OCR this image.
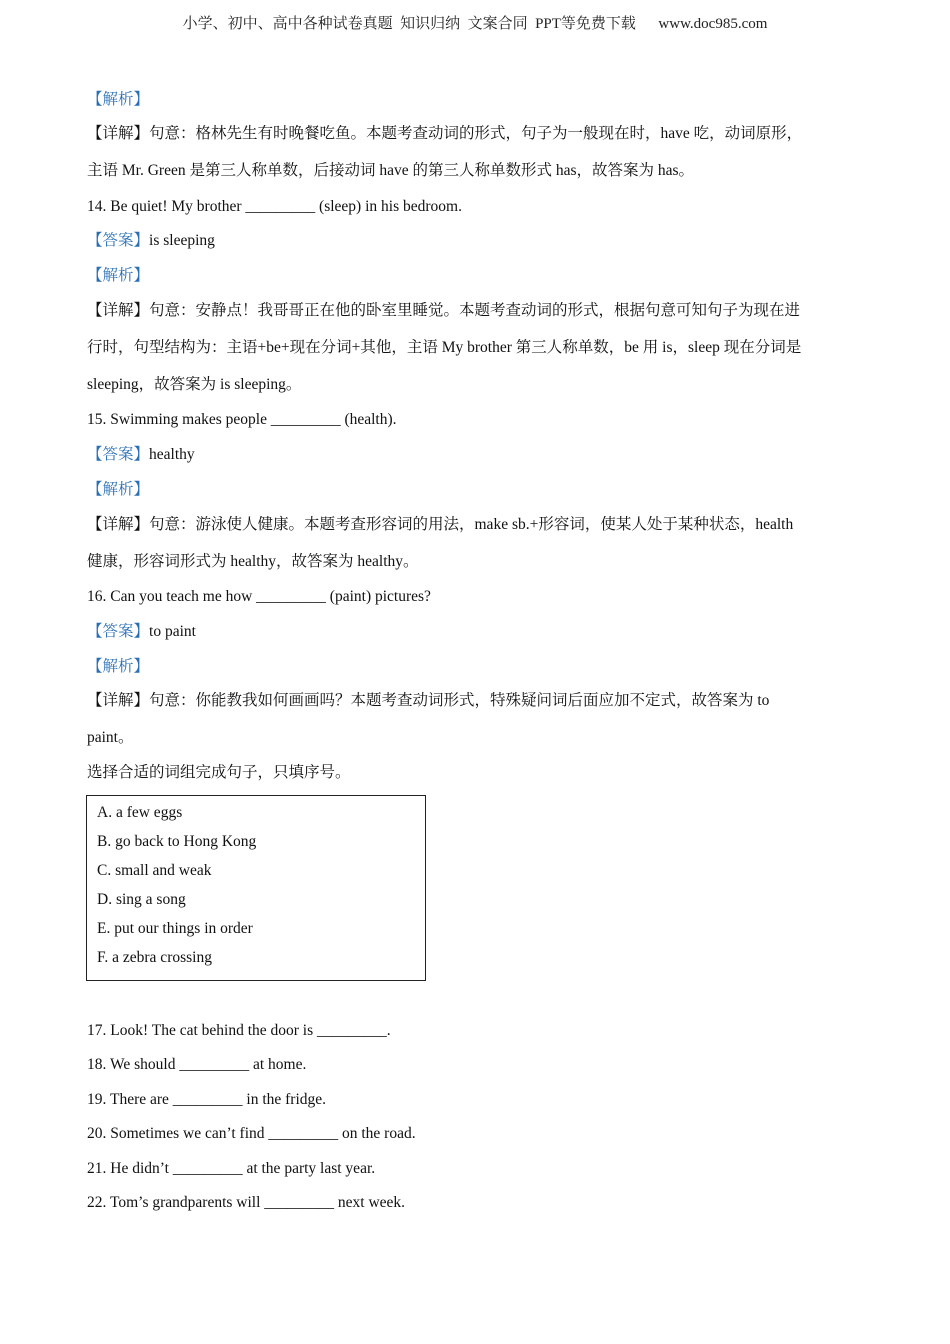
小学、初中、高中各种试卷真题  知识归纳  文案合同  PPT等免费下载      www.doc985.com
【解析】
【详解】句意：格林先生有时晚餐吃鱼。本题考查动词的形式，句子为一般现在时，have 吃，动词原形，
主语 Mr. Green 是第三人称单数，后接动词 have 的第三人称单数形式 has，故答案为 has。
14. Be quiet! My brother _________ (sleep) in his bedroom.
【答案】is sleeping
【解析】
【详解】句意：安静点！我哥哥正在他的卧室里睡觉。本题考查动词的形式，根据句意可知句子为现在进
行时，句型结构为：主语+be+现在分词+其他，主语 My brother 第三人称单数，be 用 is，sleep 现在分词是
sleeping，故答案为 is sleeping。
15. Swimming makes people _________ (health).
【答案】healthy
【解析】
【详解】句意：游泳使人健康。本题考查形容词的用法，make sb.+形容词，使某人处于某种状态，health
健康，形容词形式为 healthy，故答案为 healthy。
16. Can you teach me how _________ (paint) pictures?
【答案】to paint
【解析】
【详解】句意：你能教我如何画画吗？本题考查动词形式，特殊疑问词后面应加不定式，故答案为 to
paint。
选择合适的词组完成句子，只填序号。
A. a few eggs
B. go back to Hong Kong
C. small and weak
D. sing a song
E. put our things in order
F. a zebra crossing
17. Look! The cat behind the door is _________.
18. We should _________ at home.
19. There are _________ in the fridge.
20. Sometimes we can’t find _________ on the road.
21. He didn’t _________ at the party last year.
22. Tom’s grandparents will _________ next week.
